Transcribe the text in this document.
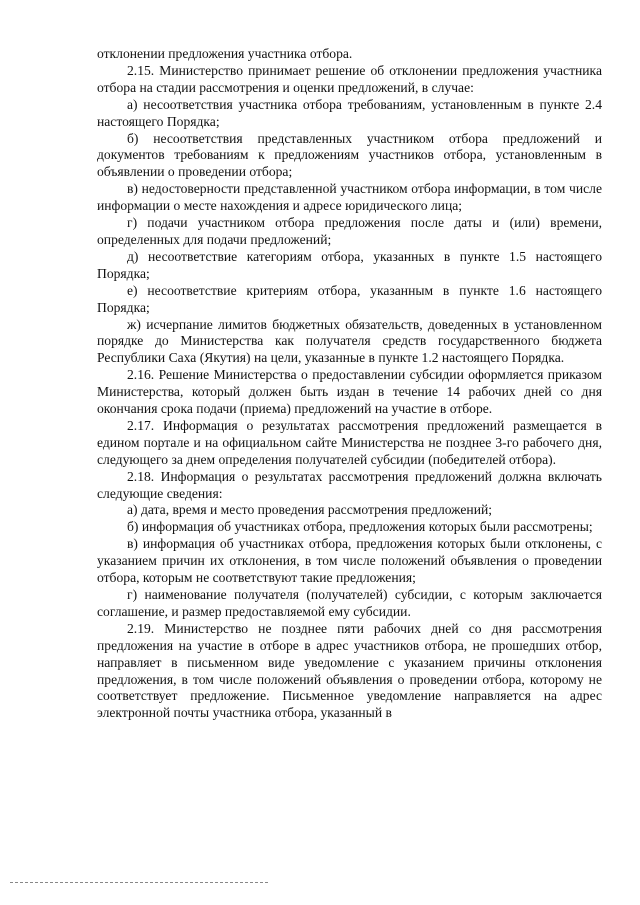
отклонении предложения участника отбора.

2.15. Министерство принимает решение об отклонении предложения участника отбора на стадии рассмотрения и оценки предложений, в случае:

а) несоответствия участника отбора требованиям, установленным в пункте 2.4 настоящего Порядка;

б) несоответствия представленных участником отбора предложений и документов требованиям к предложениям участников отбора, установленным в объявлении о проведении отбора;

в) недостоверности представленной участником отбора информации, в том числе информации о месте нахождения и адресе юридического лица;

г) подачи участником отбора предложения после даты и (или) времени, определенных для подачи предложений;

д) несоответствие категориям отбора, указанных в пункте 1.5 настоящего Порядка;

е) несоответствие критериям отбора, указанным в пункте 1.6 настоящего Порядка;

ж) исчерпание лимитов бюджетных обязательств, доведенных в установленном порядке до Министерства как получателя средств государственного бюджета Республики Саха (Якутия) на цели, указанные в пункте 1.2 настоящего Порядка.

2.16. Решение Министерства о предоставлении субсидии оформляется приказом Министерства, который должен быть издан в течение 14 рабочих дней со дня окончания срока подачи (приема) предложений на участие в отборе.

2.17. Информация о результатах рассмотрения предложений размещается в едином портале и на официальном сайте Министерства не позднее 3-го рабочего дня, следующего за днем определения получателей субсидии (победителей отбора).

2.18. Информация о результатах рассмотрения предложений должна включать следующие сведения:

а) дата, время и место проведения рассмотрения предложений;

б) информация об участниках отбора, предложения которых были рассмотрены;

в) информация об участниках отбора, предложения которых были отклонены, с указанием причин их отклонения, в том числе положений объявления о проведении отбора, которым не соответствуют такие предложения;

г) наименование получателя (получателей) субсидии, с которым заключается соглашение, и размер предоставляемой ему субсидии.

2.19. Министерство не позднее пяти рабочих дней со дня рассмотрения предложения на участие в отборе в адрес участников отбора, не прошедших отбор, направляет в письменном виде уведомление с указанием причины отклонения предложения, в том числе положений объявления о проведении отбора, которому не соответствует предложение. Письменное уведомление направляется на адрес электронной почты участника отбора, указанный в
